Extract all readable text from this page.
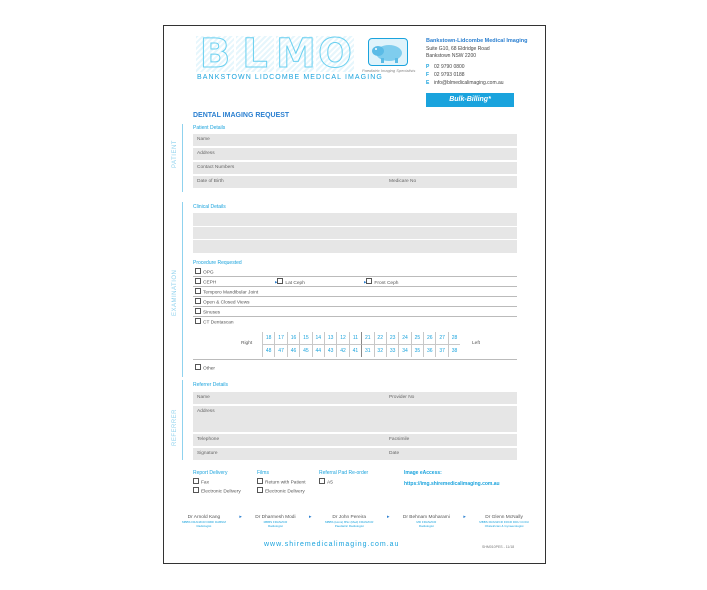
B L M O
BANKSTOWN LIDCOMBE MEDICAL IMAGING
Paediatric Imaging Specialists
Bankstown-Lidcombe Medical Imaging
Suite G10, 68 Eldridge Road
Bankstown NSW 2200
P 02 9790 0800
F 02 9793 0188
E info@blmedicalimaging.com.au
Bulk-Billing*
DENTAL IMAGING REQUEST
PATIENT
Patient Details
Name
Address
Contact Numbers
Date of Birth	Medicare No
EXAMINATION
Clinical Details
Procedure Requested
OPG
CEPH	▸ Lat Ceph	▸ Front Ceph
Temporo Mandibular Joint
Open & Closed Views
Sinuses
CT Dentascan
Right	Left
18	17	16	15	14	13	12	11	21	22	23	24	25	26	27	28
48	47	46	45	44	43	42	41	31	32	33	34	35	36	37	38
Other
REFERRER
Referrer Details
Name	Provider No
Address
Telephone	Facsimile
Signature	Date
Report Delivery
Fax
Electronic Delivery
Films
Return with Patient
Electronic Delivery
Referral Pad Re-order
A5
Image eAccess:
https://img.shiremedicalimaging.com.au
Dr Arnold Kang
MBBS FRANZCR DMRI DABNM
Radiologist
▸	Dr Dharmesh Modi
MBBS FRANZCR
Radiologist
▸	Dr John Pereira
MBBS (Hons) BSc (Med) FRANZCR
Paediatric Radiologist
▸	Dr Behnam Moharami
MD FRANZCR
Radiologist
▸	Dr Glenn McNally
MBBS FRANZCR FRCR DDU CCDU
Obstetrician & Gynaecologist
www.shiremedicalimaging.com.au	SHM010PES - 11/18
